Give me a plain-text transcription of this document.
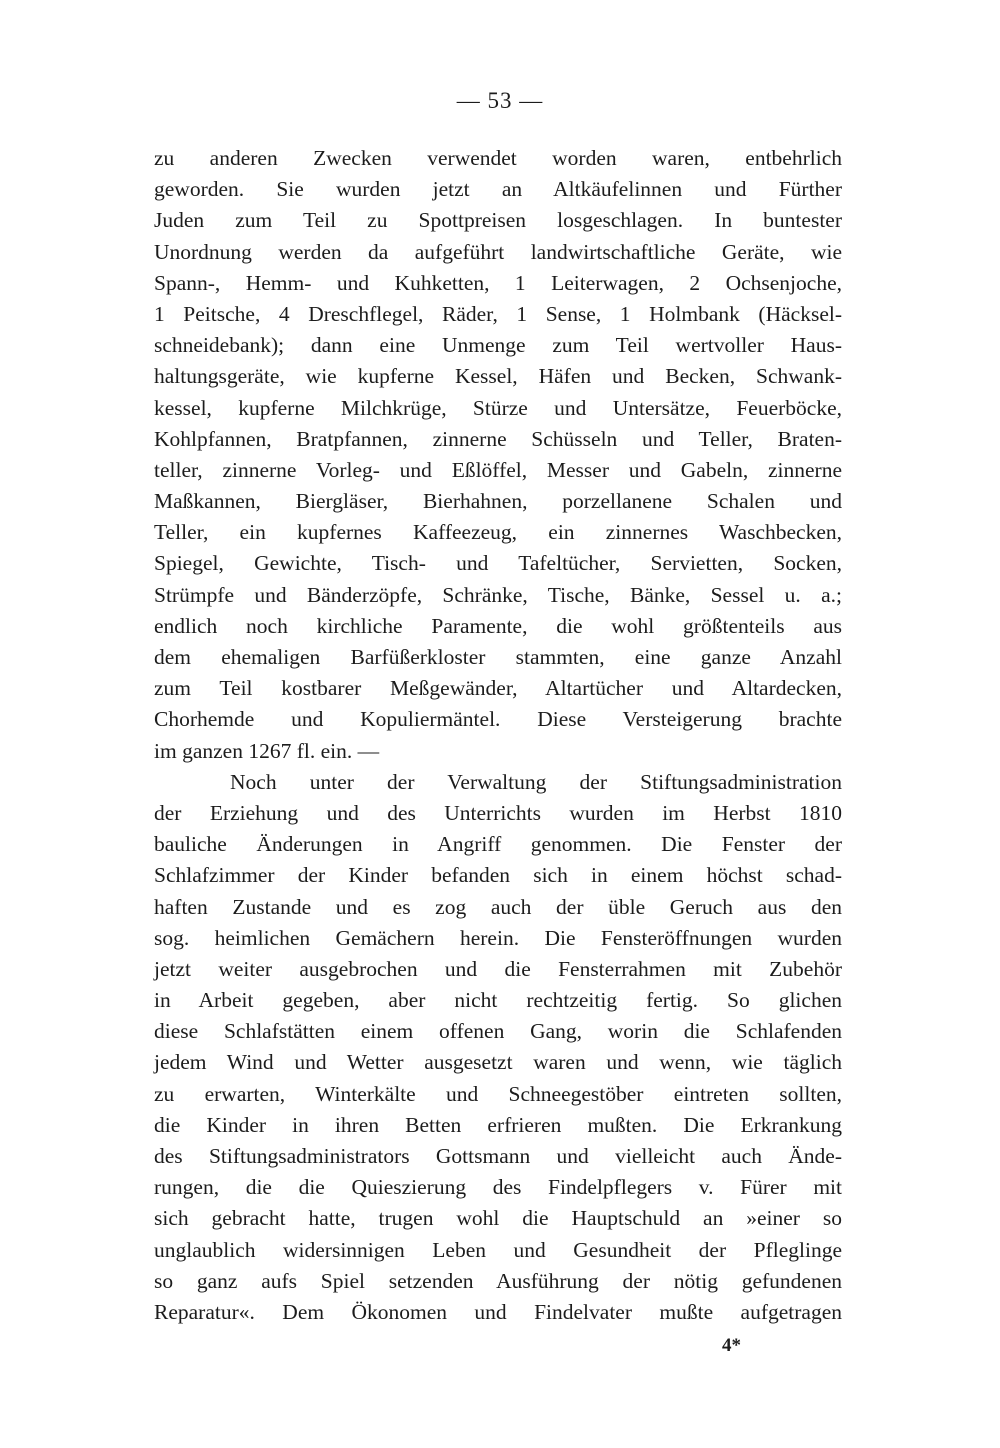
— 53 —
zu anderen Zwecken verwendet worden waren, entbehrlich
geworden. Sie wurden jetzt an Altkäufelinnen und Fürther
Juden zum Teil zu Spottpreisen losgeschlagen. In buntester
Unordnung werden da aufgeführt landwirtschaftliche Geräte, wie
Spann-, Hemm- und Kuhketten, 1 Leiterwagen, 2 Ochsenjoche,
1 Peitsche, 4 Dreschflegel, Räder, 1 Sense, 1 Holmbank (Häcksel-
schneidebank); dann eine Unmenge zum Teil wertvoller Haus-
haltungsgeräte, wie kupferne Kessel, Häfen und Becken, Schwank-
kessel, kupferne Milchkrüge, Stürze und Untersätze, Feuerböcke,
Kohlpfannen, Bratpfannen, zinnerne Schüsseln und Teller, Braten-
teller, zinnerne Vorleg- und Eßlöffel, Messer und Gabeln, zinnerne
Maßkannen, Biergläser, Bierhahnen, porzellanene Schalen und
Teller, ein kupfernes Kaffeezeug, ein zinnernes Waschbecken,
Spiegel, Gewichte, Tisch- und Tafeltücher, Servietten, Socken,
Strümpfe und Bänderzöpfe, Schränke, Tische, Bänke, Sessel u. a.;
endlich noch kirchliche Paramente, die wohl größtenteils aus
dem ehemaligen Barfüßerkloster stammten, eine ganze Anzahl
zum Teil kostbarer Meßgewänder, Altartücher und Altardecken,
Chorhemde und Kopuliermäntel. Diese Versteigerung brachte
im ganzen 1267 fl. ein. —
Noch unter der Verwaltung der Stiftungsadministration
der Erziehung und des Unterrichts wurden im Herbst 1810
bauliche Änderungen in Angriff genommen. Die Fenster der
Schlafzimmer der Kinder befanden sich in einem höchst schad-
haften Zustande und es zog auch der üble Geruch aus den
sog. heimlichen Gemächern herein. Die Fensteröffnungen wurden
jetzt weiter ausgebrochen und die Fensterrahmen mit Zubehör
in Arbeit gegeben, aber nicht rechtzeitig fertig. So glichen
diese Schlafstätten einem offenen Gang, worin die Schlafenden
jedem Wind und Wetter ausgesetzt waren und wenn, wie täglich
zu erwarten, Winterkälte und Schneegestöber eintreten sollten,
die Kinder in ihren Betten erfrieren mußten. Die Erkrankung
des Stiftungsadministrators Gottsmann und vielleicht auch Ände-
rungen, die die Quieszierung des Findelpflegers v. Fürer mit
sich gebracht hatte, trugen wohl die Hauptschuld an »einer so
unglaublich widersinnigen Leben und Gesundheit der Pfleglinge
so ganz aufs Spiel setzenden Ausführung der nötig gefundenen
Reparatur«. Dem Ökonomen und Findelvater mußte aufgetragen
4*
